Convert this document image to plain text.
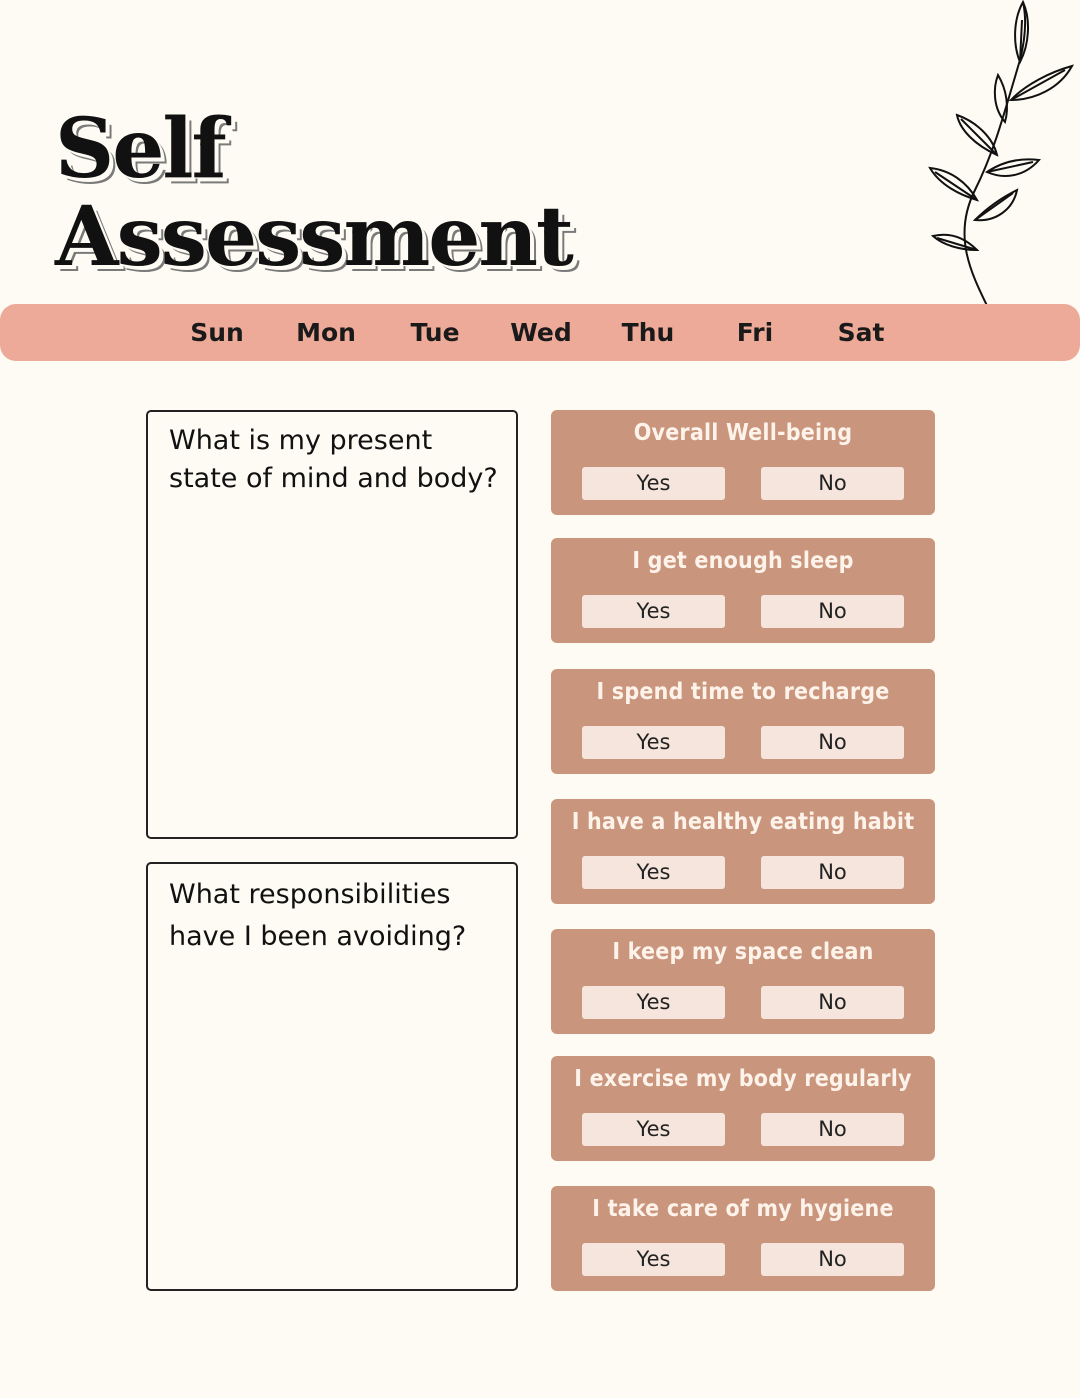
Self
Assessment
Sun	Mon	Tue	Wed	Thu	Fri	Sat
What is my present state of mind and body?
What responsibilities have I been avoiding?
Overall Well-being
Yes	No
I get enough sleep
Yes	No
I spend time to recharge
Yes	No
I have a healthy eating habit
Yes	No
I keep my space clean
Yes	No
I exercise my body regularly
Yes	No
I take care of my hygiene
Yes	No
